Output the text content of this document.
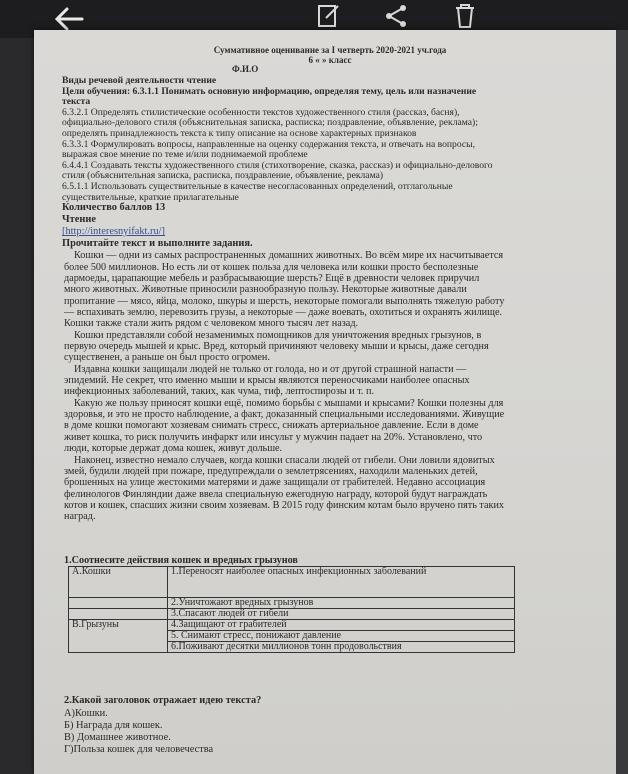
Суммативное оценивание за I четверть 2020-2021 уч.года
6 « » класс
Ф.И.О
Виды речевой деятельности чтение
Цели обучения: 6.3.1.1 Понимать основную информацию, определяя тему, цель или назначение
текста
6.3.2.1 Определять стилистические особенности текстов художественного стиля (рассказ, басня),
официально-делового стиля (объяснительная записка, расписка; поздравление, объявление, реклама);
определять принадлежность текста к типу описание на основе характерных признаков
6.3.3.1 Формулировать вопросы, направленные на оценку содержания текста, и отвечать на вопросы,
выражая свое мнение по теме и/или поднимаемой проблеме
6.4.4.1 Создавать тексты художественного стиля (стихотворение, сказка, рассказ) и официально-делового
стиля (объяснительная записка, расписка, поздравление, объявление, реклама)
6.5.1.1 Использовать существительные в качестве несогласованных определений, отглагольные
существительные, краткие прилагательные
Количество баллов 13
Чтение
[http://interesnyifakt.ru/]
Прочитайте текст и выполните задания.
Кошки — одни из самых распространенных домашних животных. Во всём мире их насчитывается
более 500 миллионов. Но есть ли от кошек польза для человека или кошки просто бесполезные
дармоеды, царапающие мебель и разбрасывающие шерсть? Ещё в древности человек приручил
много животных. Животные приносили разнообразную пользу. Некоторые животные давали
пропитание — мясо, яйца, молоко, шкуры и шерсть, некоторые помогали выполнять тяжелую работу
— вспахивать землю, перевозить грузы, а некоторые — даже воевать, охотиться и охранять жилище.
Кошки также стали жить рядом с человеком много тысяч лет назад.
Кошки представляли собой незаменимых помощников для уничтожения вредных грызунов, в
первую очередь мышей и крыс. Вред, который причиняют человеку мыши и крысы, даже сегодня
существенен, а раньше он был просто огромен.
Издавна кошки защищали людей не только от голода, но и от другой страшной напасти —
эпидемий. Не секрет, что именно мыши и крысы являются переносчиками наиболее опасных
инфекционных заболеваний, таких, как чума, тиф, лептоспирозы и т. п.
Какую же пользу приносят кошки ещё, помимо борьбы с мышами и крысами? Кошки полезны для
здоровья, и это не просто наблюдение, а факт, доказанный специальными исследованиями. Живущие
в доме кошки помогают хозяевам снимать стресс, снижать артериальное давление. Если в доме
живет кошка, то риск получить инфаркт или инсульт у мужчин падает на 20%. Установлено, что
люди, которые держат дома кошек, живут дольше.
Наконец, известно немало случаев, когда кошки спасали людей от гибели. Они ловили ядовитых
змей, будили людей при пожаре, предупреждали о землетрясениях, находили маленьких детей,
брошенных на улице жестокими матерями и даже защищали от грабителей. Недавно ассоциация
фелинологов Финляндии даже ввела специальную ежегодную награду, которой будут награждать
котов и кошек, спасших жизни своим хозяевам. В 2015 году финским котам было вручено пять таких
наград.
1.Соотнесите действия кошек и вредных грызунов
А.Кошки	1.Переносят наиболее опасных инфекционных заболеваний
	2.Уничтожают вредных грызунов
	3.Спасают людей от гибели
В.Грызуны	4.Защищают от грабителей
	5. Снимают стресс, понижают давление
	6.Поживают десятки миллионов тонн продовольствия
2.Какой заголовок отражает идею текста?
А)Кошки.
Б) Награда для кошек.
В) Домашнее животное.
Г)Польза кошек для человечества
